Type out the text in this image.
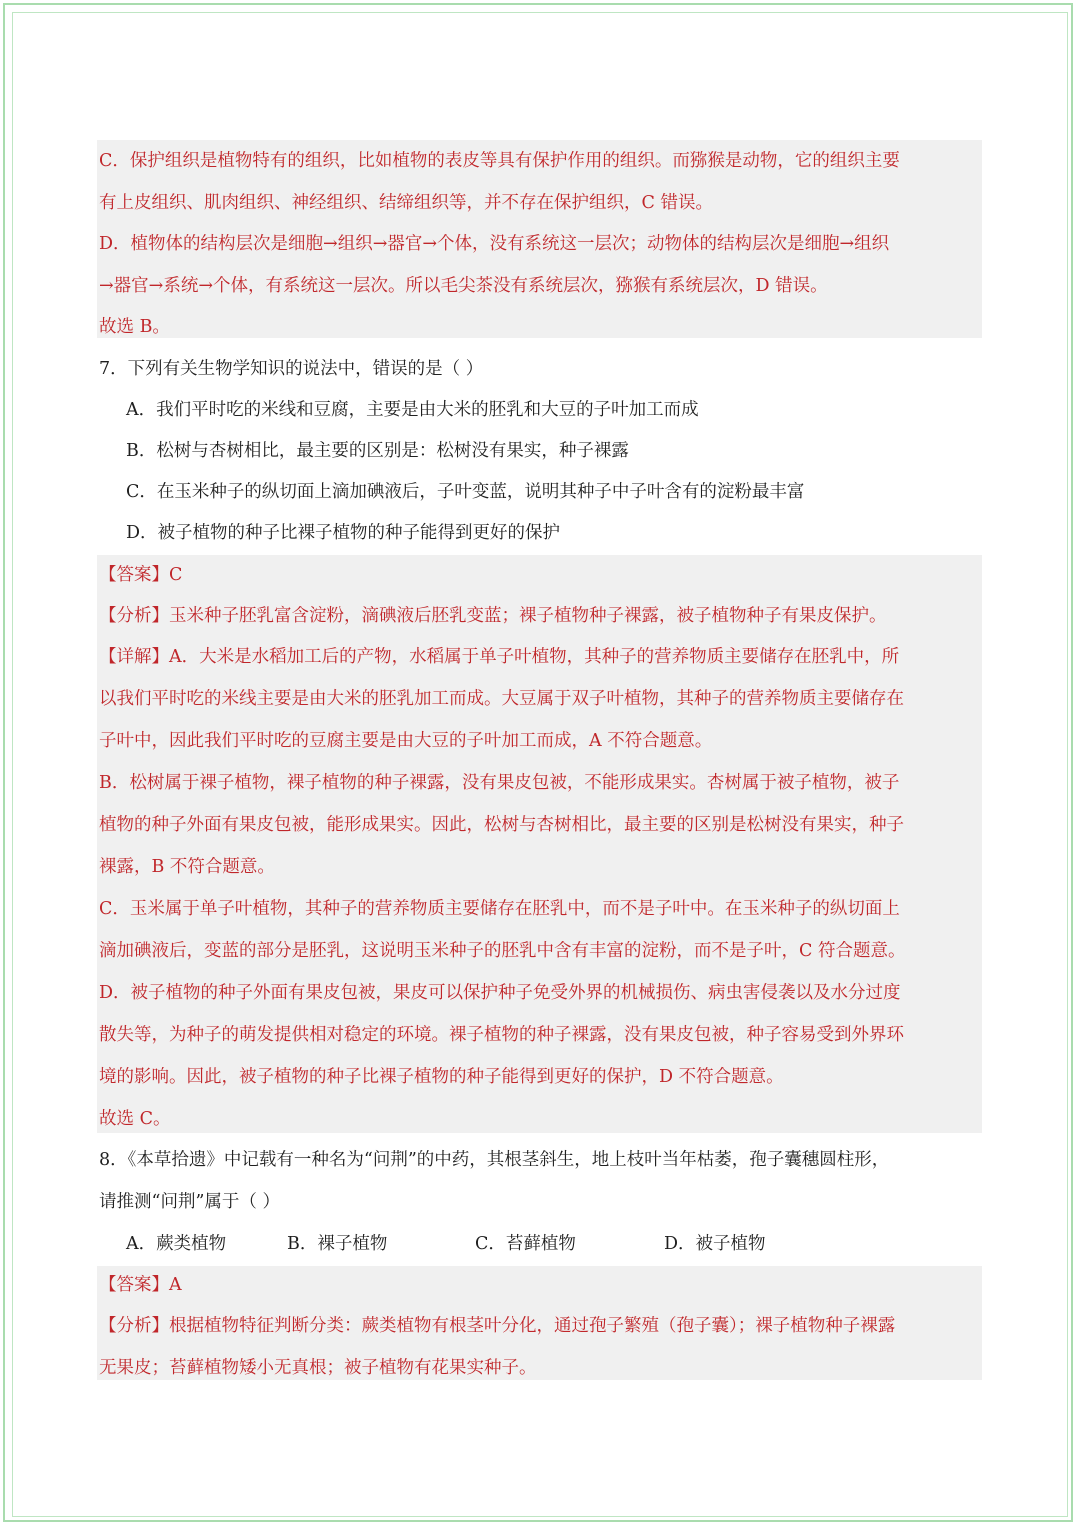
C．保护组织是植物特有的组织，比如植物的表皮等具有保护作用的组织。而猕猴是动物，它的组织主要
有上皮组织、肌肉组织、神经组织、结缔组织等，并不存在保护组织，C 错误。
D．植物体的结构层次是细胞→组织→器官→个体，没有系统这一层次；动物体的结构层次是细胞→组织
→器官→系统→个体，有系统这一层次。所以毛尖茶没有系统层次，猕猴有系统层次，D 错误。
故选 B。
7．下列有关生物学知识的说法中，错误的是（ ）
A．我们平时吃的米线和豆腐，主要是由大米的胚乳和大豆的子叶加工而成
B．松树与杏树相比，最主要的区别是：松树没有果实，种子裸露
C．在玉米种子的纵切面上滴加碘液后，子叶变蓝，说明其种子中子叶含有的淀粉最丰富
D．被子植物的种子比裸子植物的种子能得到更好的保护
【答案】C
【分析】玉米种子胚乳富含淀粉，滴碘液后胚乳变蓝；裸子植物种子裸露，被子植物种子有果皮保护。
【详解】A．大米是水稻加工后的产物，水稻属于单子叶植物，其种子的营养物质主要储存在胚乳中，所
以我们平时吃的米线主要是由大米的胚乳加工而成。大豆属于双子叶植物，其种子的营养物质主要储存在
子叶中，因此我们平时吃的豆腐主要是由大豆的子叶加工而成，A 不符合题意。
B．松树属于裸子植物，裸子植物的种子裸露，没有果皮包被，不能形成果实。杏树属于被子植物，被子
植物的种子外面有果皮包被，能形成果实。因此，松树与杏树相比，最主要的区别是松树没有果实，种子
裸露，B 不符合题意。
C．玉米属于单子叶植物，其种子的营养物质主要储存在胚乳中，而不是子叶中。在玉米种子的纵切面上
滴加碘液后，变蓝的部分是胚乳，这说明玉米种子的胚乳中含有丰富的淀粉，而不是子叶，C 符合题意。
D．被子植物的种子外面有果皮包被，果皮可以保护种子免受外界的机械损伤、病虫害侵袭以及水分过度
散失等，为种子的萌发提供相对稳定的环境。裸子植物的种子裸露，没有果皮包被，种子容易受到外界环
境的影响。因此，被子植物的种子比裸子植物的种子能得到更好的保护，D 不符合题意。
故选 C。
8．《本草拾遗》中记载有一种名为“问荆”的中药，其根茎斜生，地上枝叶当年枯萎，孢子囊穗圆柱形，
请推测“问荆”属于（ ）
A．蕨类植物	B．裸子植物	C．苔藓植物	D．被子植物
【答案】A
【分析】根据植物特征判断分类：蕨类植物有根茎叶分化，通过孢子繁殖（孢子囊）；裸子植物种子裸露
无果皮；苔藓植物矮小无真根；被子植物有花果实种子。
